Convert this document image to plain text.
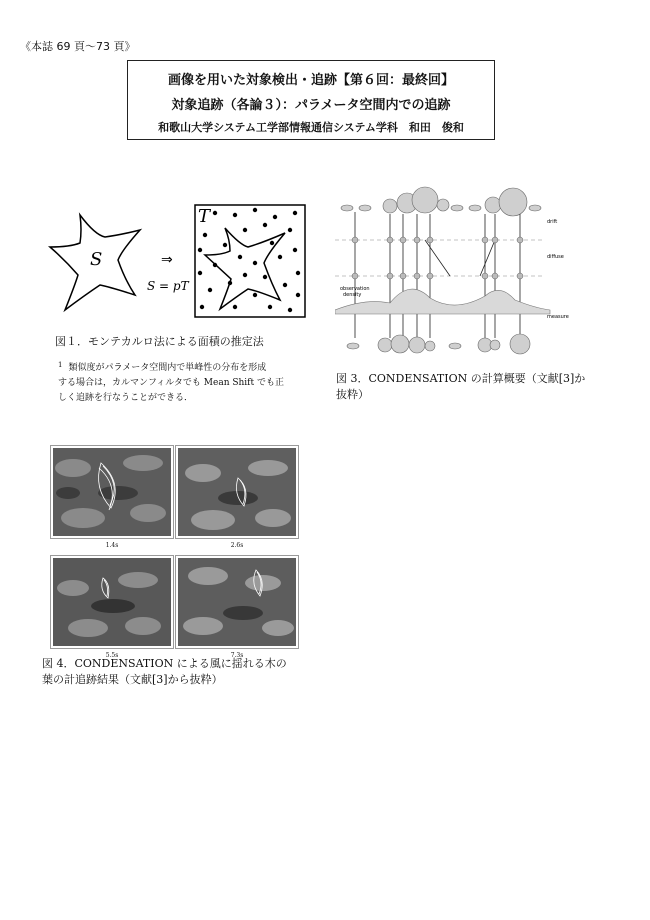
《本誌 69 頁〜73 頁》
画像を用いた対象検出・追跡【第６回：最終回】
対象追跡（各論３）：パラメータ空間内での追跡
和歌山大学システム工学部情報通信システム学科　和田　俊和
S	⇒
S = pT
T
図１．モンテカルロ法による面積の推定法
$^1$ 類似度がパラメータ空間内で単峰性の分布を形成
する場合は，カルマンフィルタでも Mean Shift でも正
しく追跡を行なうことができる．
drift
diffuse
measure
observation
density
図 3．CONDENSATION の計算概要（文献[3]か
抜粋）
1.4s	2.6s
5.5s	7.3s
図 4．CONDENSATION による風に揺れる木の
葉の計追跡結果（文献[3]から抜粋）
